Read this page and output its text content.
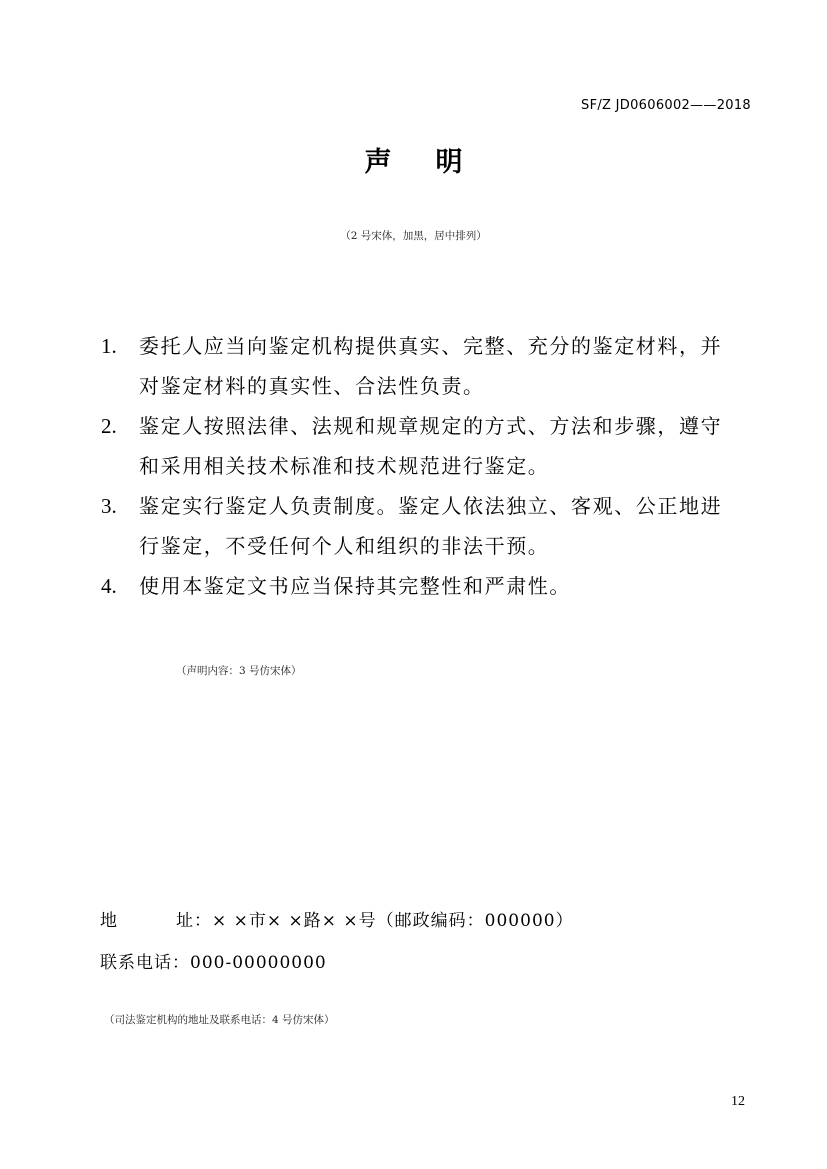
SF/Z JD0606002——2018
声 明
（2 号宋体，加黑，居中排列）
1. 委托人应当向鉴定机构提供真实、完整、充分的鉴定材料，并
对鉴定材料的真实性、合法性负责。
2. 鉴定人按照法律、法规和规章规定的方式、方法和步骤，遵守
和采用相关技术标准和技术规范进行鉴定。
3. 鉴定实行鉴定人负责制度。鉴定人依法独立、客观、公正地进
行鉴定，不受任何个人和组织的非法干预。
4. 使用本鉴定文书应当保持其完整性和严肃性。
（声明内容：3 号仿宋体）
地	址：× ×市× ×路× ×号（邮政编码：000000）
联系电话：000-00000000
（司法鉴定机构的地址及联系电话：4 号仿宋体）
12
